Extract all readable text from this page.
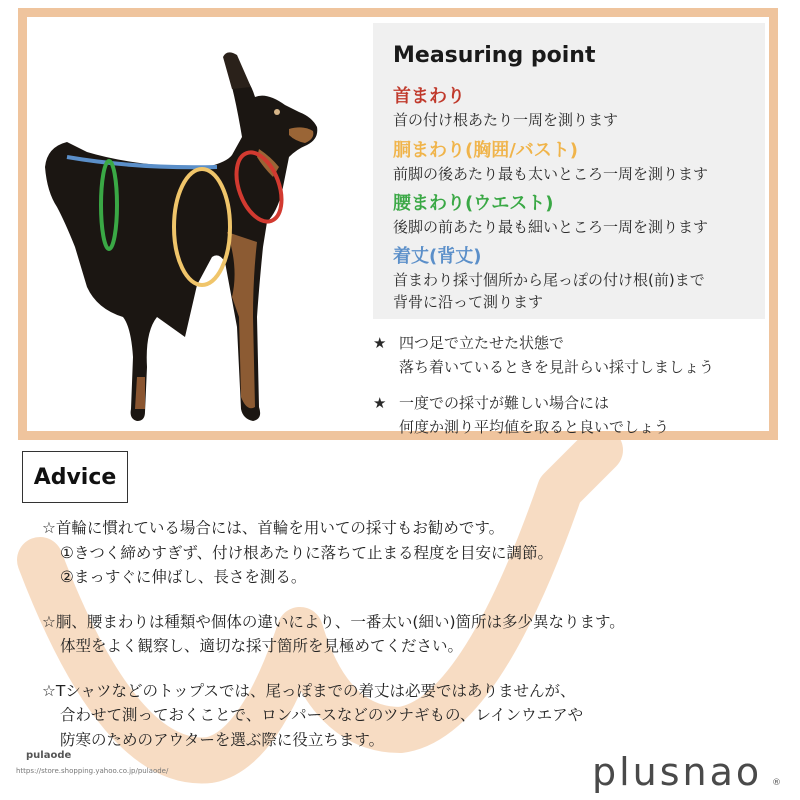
Measuring point
首まわり
首の付け根あたり一周を測ります
胴まわり(胸囲/バスト)
前脚の後あたり最も太いところ一周を測ります
腰まわり(ウエスト)
後脚の前あたり最も細いところ一周を測ります
着丈(背丈)
首まわり採寸個所から尾っぽの付け根(前)まで
背骨に沿って測ります
★ 四つ足で立たせた状態で
落ち着いているときを見計らい採寸しましょう
★ 一度での採寸が難しい場合には
何度か測り平均値を取ると良いでしょう
Advice
☆首輪に慣れている場合には、首輪を用いての採寸もお勧めです。
①きつく締めすぎず、付け根あたりに落ちて止まる程度を目安に調節。
②まっすぐに伸ばし、長さを測る。
☆胴、腰まわりは種類や個体の違いにより、一番太い(細い)箇所は多少異なります。
体型をよく観察し、適切な採寸箇所を見極めてください。
☆Tシャツなどのトップスでは、尾っぽまでの着丈は必要ではありませんが、
合わせて測っておくことで、ロンパースなどのツナギもの、レインウエアや
防寒のためのアウターを選ぶ際に役立ちます。
pulaode
https://store.shopping.yahoo.co.jp/pulaode/	plusnao ®
